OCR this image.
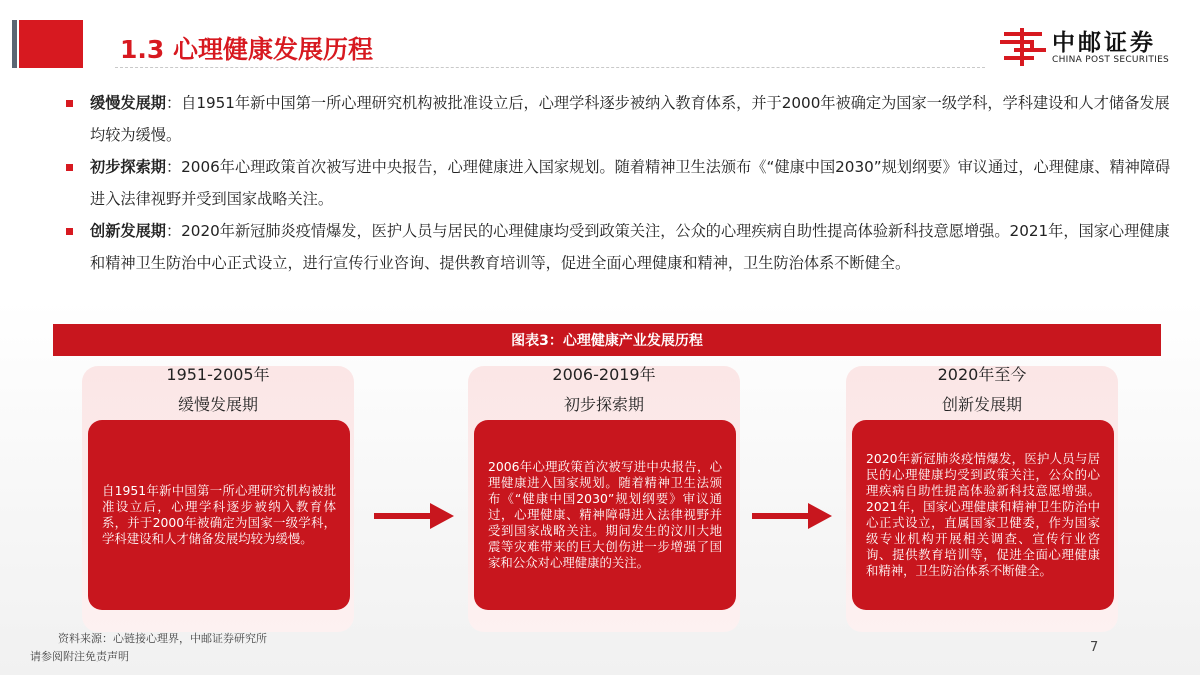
1.3 心理健康发展历程	中邮证券
CHINA POST SECURITIES
缓慢发展期：自1951年新中国第一所心理研究机构被批准设立后，心理学科逐步被纳入教育体系，并于2000年被确定为国家一级学科，学科建设和人才储备发展均较为缓慢。
初步探索期：2006年心理政策首次被写进中央报告，心理健康进入国家规划。随着精神卫生法颁布《“健康中国2030”规划纲要》审议通过，心理健康、精神障碍进入法律视野并受到国家战略关注。
创新发展期：2020年新冠肺炎疫情爆发，医护人员与居民的心理健康均受到政策关注，公众的心理疾病自助性提高体验新科技意愿增强。2021年，国家心理健康和精神卫生防治中心正式设立，进行宣传行业咨询、提供教育培训等，促进全面心理健康和精神，卫生防治体系不断健全。
图表3：心理健康产业发展历程
1951-2005年
缓慢发展期
自1951年新中国第一所心理研究机构被批准设立后，心理学科逐步被纳入教育体系，并于2000年被确定为国家一级学科，学科建设和人才储备发展均较为缓慢。
2006-2019年
初步探索期
2006年心理政策首次被写进中央报告，心理健康进入国家规划。随着精神卫生法颁布《“健康中国2030”规划纲要》审议通过，心理健康、精神障碍进入法律视野并受到国家战略关注。期间发生的汶川大地震等灾难带来的巨大创伤进一步增强了国家和公众对心理健康的关注。
2020年至今
创新发展期
2020年新冠肺炎疫情爆发，医护人员与居民的心理健康均受到政策关注，公众的心理疾病自助性提高体验新科技意愿增强。2021年，国家心理健康和精神卫生防治中心正式设立，直属国家卫健委，作为国家级专业机构开展相关调查、宣传行业咨询、提供教育培训等，促进全面心理健康和精神，卫生防治体系不断健全。
资料来源：心链接心理界，中邮证券研究所
请参阅附注免责声明
7
